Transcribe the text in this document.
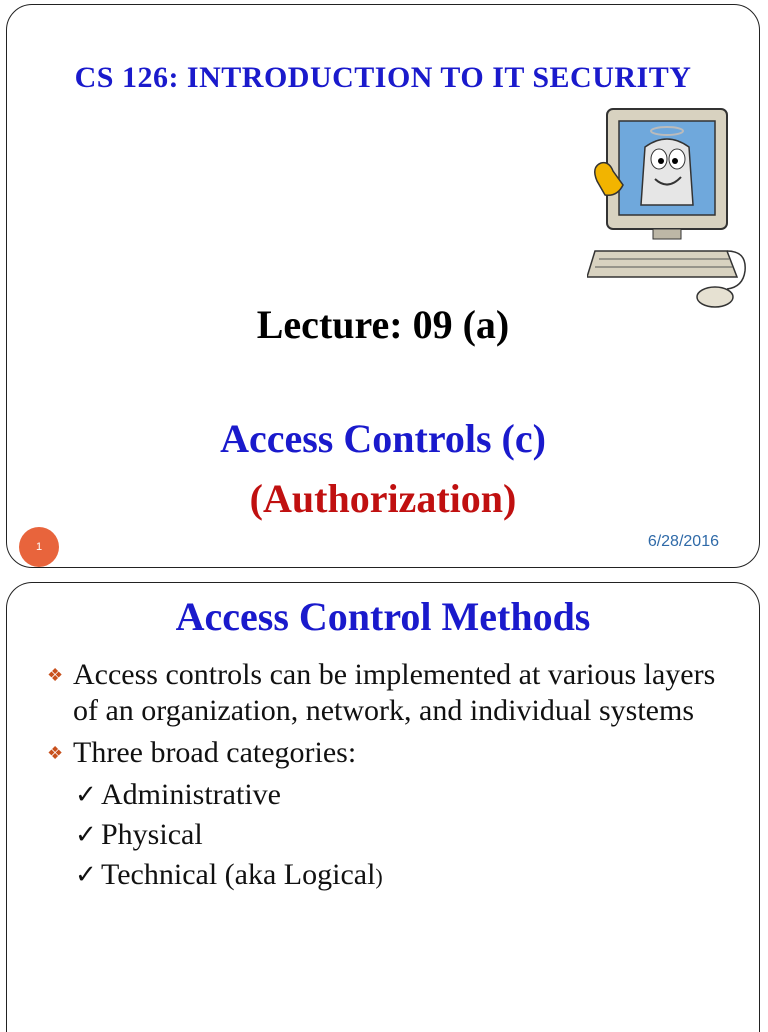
CS 126: INTRODUCTION TO IT SECURITY
Lecture: 09 (a)
Access Controls (c)
(Authorization)
1	6/28/2016
Access Control Methods
❖ Access controls can be implemented at various layers of an organization, network, and individual systems
❖ Three broad categories:
✓ Administrative
✓ Physical
✓ Technical (aka Logical)
